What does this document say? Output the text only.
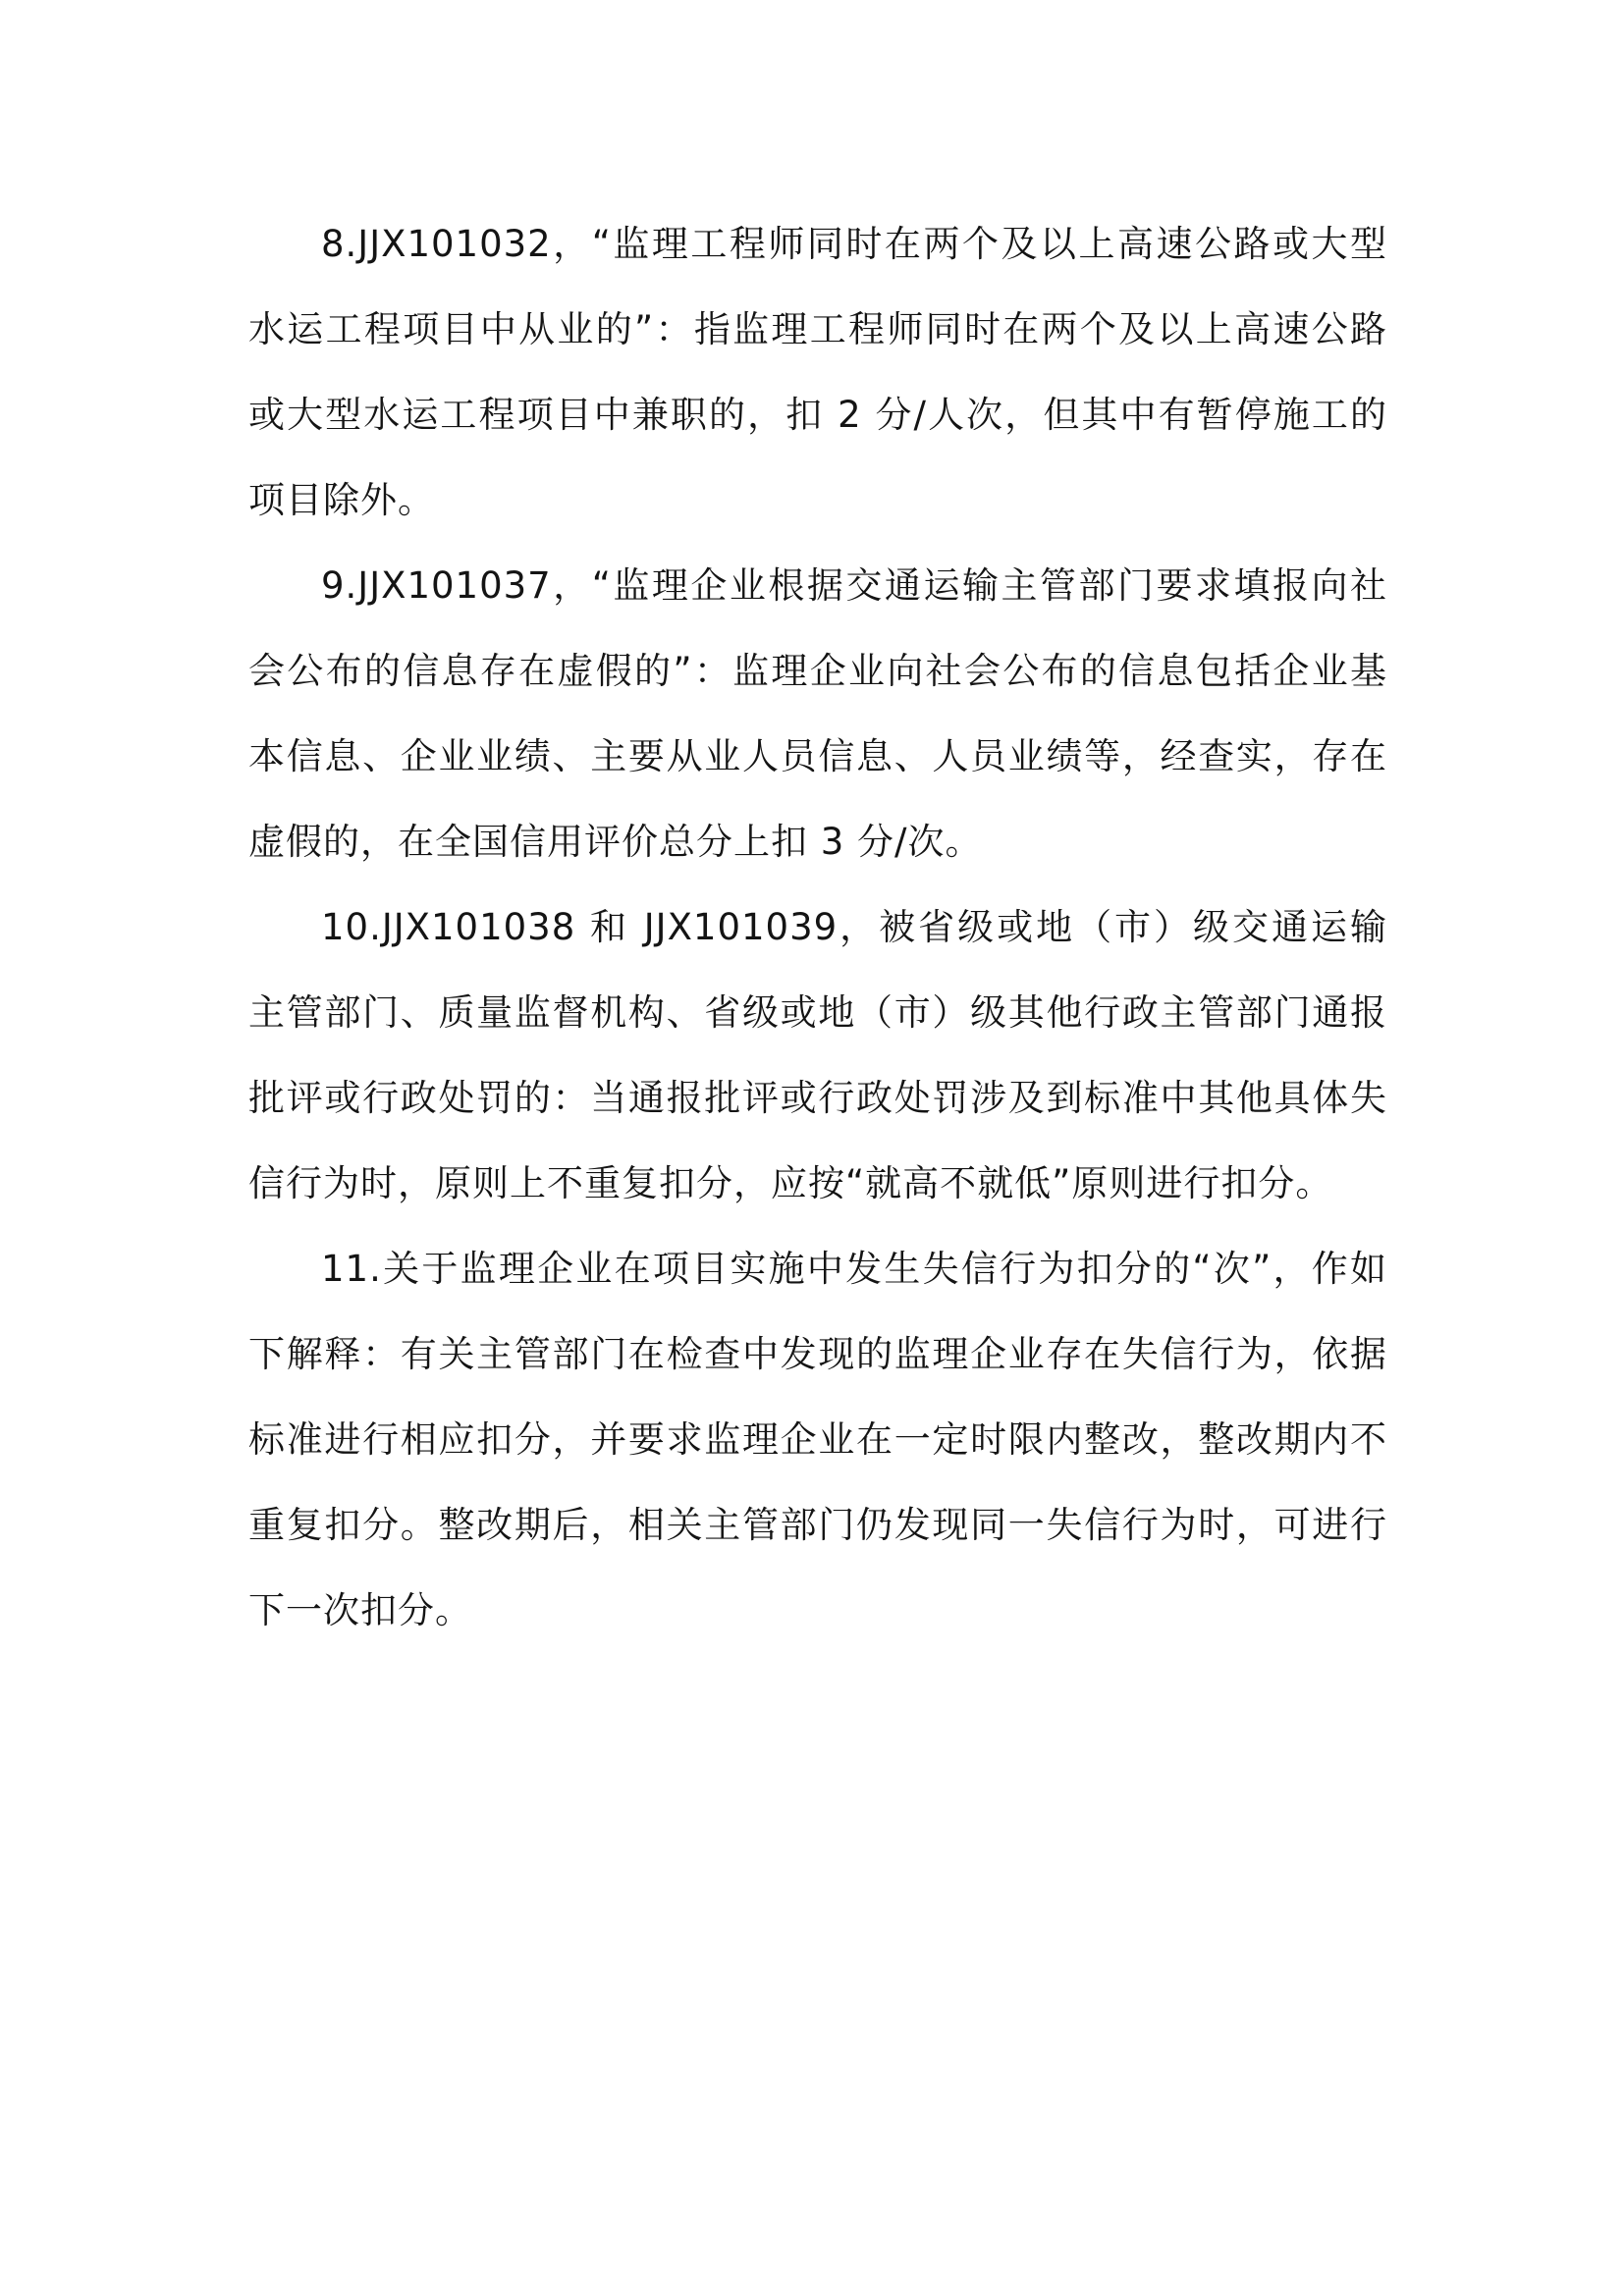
8.JJX101032，“监理工程师同时在两个及以上高速公路或大型水运工程项目中从业的”：指监理工程师同时在两个及以上高速公路或大型水运工程项目中兼职的，扣 2 分/人次，但其中有暂停施工的项目除外。

9.JJX101037，“监理企业根据交通运输主管部门要求填报向社会公布的信息存在虚假的”：监理企业向社会公布的信息包括企业基本信息、企业业绩、主要从业人员信息、人员业绩等，经查实，存在虚假的，在全国信用评价总分上扣 3 分/次。

10.JJX101038 和 JJX101039，被省级或地（市）级交通运输主管部门、质量监督机构、省级或地（市）级其他行政主管部门通报批评或行政处罚的：当通报批评或行政处罚涉及到标准中其他具体失信行为时，原则上不重复扣分，应按“就高不就低”原则进行扣分。

11.关于监理企业在项目实施中发生失信行为扣分的“次”，作如下解释：有关主管部门在检查中发现的监理企业存在失信行为，依据标准进行相应扣分，并要求监理企业在一定时限内整改，整改期内不重复扣分。整改期后，相关主管部门仍发现同一失信行为时，可进行下一次扣分。
